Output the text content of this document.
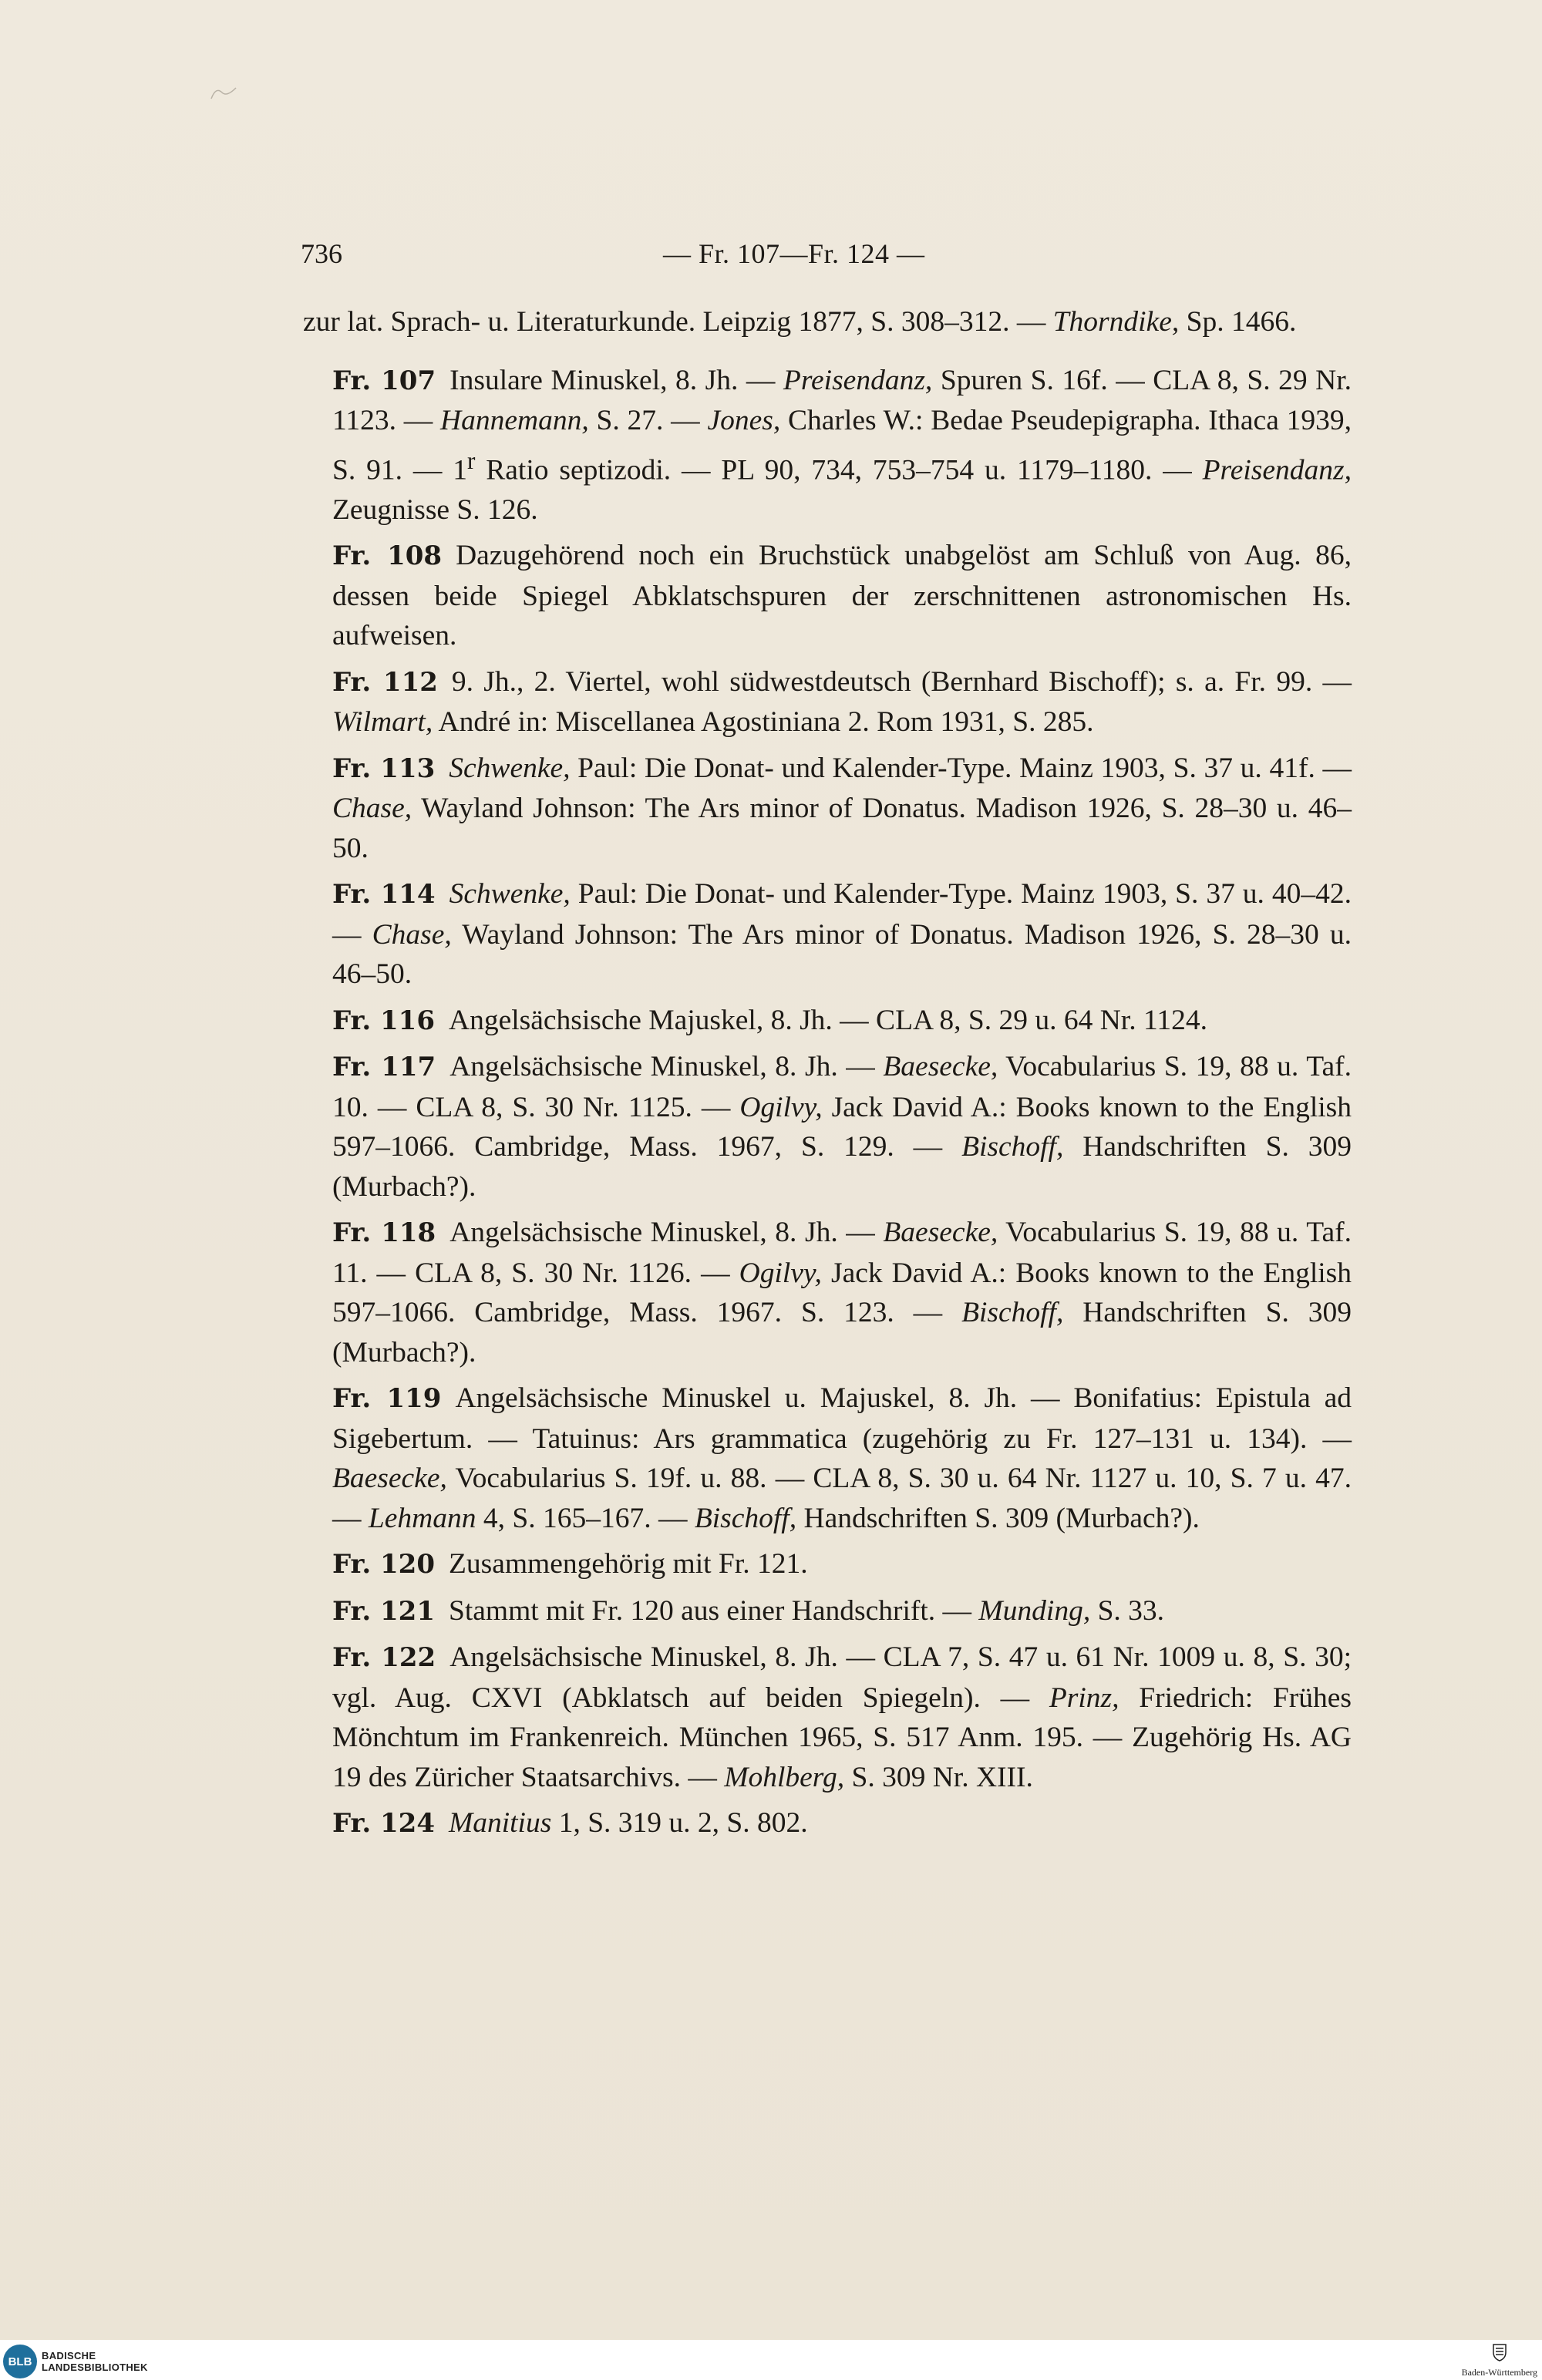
736	— Fr. 107—Fr. 124 —

zur lat. Sprach- u. Literaturkunde. Leipzig 1877, S. 308–312. — Thorndike, Sp. 1466.

Fr. 107 Insulare Minuskel, 8. Jh. — Preisendanz, Spuren S. 16f. — CLA 8, S. 29 Nr. 1123. — Hannemann, S. 27. — Jones, Charles W.: Bedae Pseudepigrapha. Ithaca 1939, S. 91. — 1$^r$ Ratio septizodi. — PL 90, 734, 753–754 u. 1179–1180. — Preisendanz, Zeugnisse S. 126.

Fr. 108 Dazugehörend noch ein Bruchstück unabgelöst am Schluß von Aug. 86, dessen beide Spiegel Abklatschspuren der zerschnittenen astronomischen Hs. aufweisen.

Fr. 112 9. Jh., 2. Viertel, wohl südwestdeutsch (Bernhard Bischoff); s. a. Fr. 99. — Wilmart, André in: Miscellanea Agostiniana 2. Rom 1931, S. 285.

Fr. 113 Schwenke, Paul: Die Donat- und Kalender-Type. Mainz 1903, S. 37 u. 41f. — Chase, Wayland Johnson: The Ars minor of Donatus. Madison 1926, S. 28–30 u. 46–50.

Fr. 114 Schwenke, Paul: Die Donat- und Kalender-Type. Mainz 1903, S. 37 u. 40–42. — Chase, Wayland Johnson: The Ars minor of Donatus. Madison 1926, S. 28–30 u. 46–50.

Fr. 116 Angelsächsische Majuskel, 8. Jh. — CLA 8, S. 29 u. 64 Nr. 1124.

Fr. 117 Angelsächsische Minuskel, 8. Jh. — Baesecke, Vocabularius S. 19, 88 u. Taf. 10. — CLA 8, S. 30 Nr. 1125. — Ogilvy, Jack David A.: Books known to the English 597–1066. Cambridge, Mass. 1967, S. 129. — Bischoff, Handschriften S. 309 (Murbach?).

Fr. 118 Angelsächsische Minuskel, 8. Jh. — Baesecke, Vocabularius S. 19, 88 u. Taf. 11. — CLA 8, S. 30 Nr. 1126. — Ogilvy, Jack David A.: Books known to the English 597–1066. Cambridge, Mass. 1967. S. 123. — Bischoff, Handschriften S. 309 (Murbach?).

Fr. 119 Angelsächsische Minuskel u. Majuskel, 8. Jh. — Bonifatius: Epistula ad Sigebertum. — Tatuinus: Ars grammatica (zugehörig zu Fr. 127–131 u. 134). — Baesecke, Vocabularius S. 19f. u. 88. — CLA 8, S. 30 u. 64 Nr. 1127 u. 10, S. 7 u. 47. — Lehmann 4, S. 165–167. — Bischoff, Handschriften S. 309 (Murbach?).

Fr. 120 Zusammengehörig mit Fr. 121.

Fr. 121 Stammt mit Fr. 120 aus einer Handschrift. — Munding, S. 33.

Fr. 122 Angelsächsische Minuskel, 8. Jh. — CLA 7, S. 47 u. 61 Nr. 1009 u. 8, S. 30; vgl. Aug. CXVI (Abklatsch auf beiden Spiegeln). — Prinz, Friedrich: Frühes Mönchtum im Frankenreich. München 1965, S. 517 Anm. 195. — Zugehörig Hs. AG 19 des Züricher Staatsarchivs. — Mohlberg, S. 309 Nr. XIII.

Fr. 124 Manitius 1, S. 319 u. 2, S. 802.

BLB BADISCHE
LANDESBIBLIOTHEK	Baden-Württemberg
